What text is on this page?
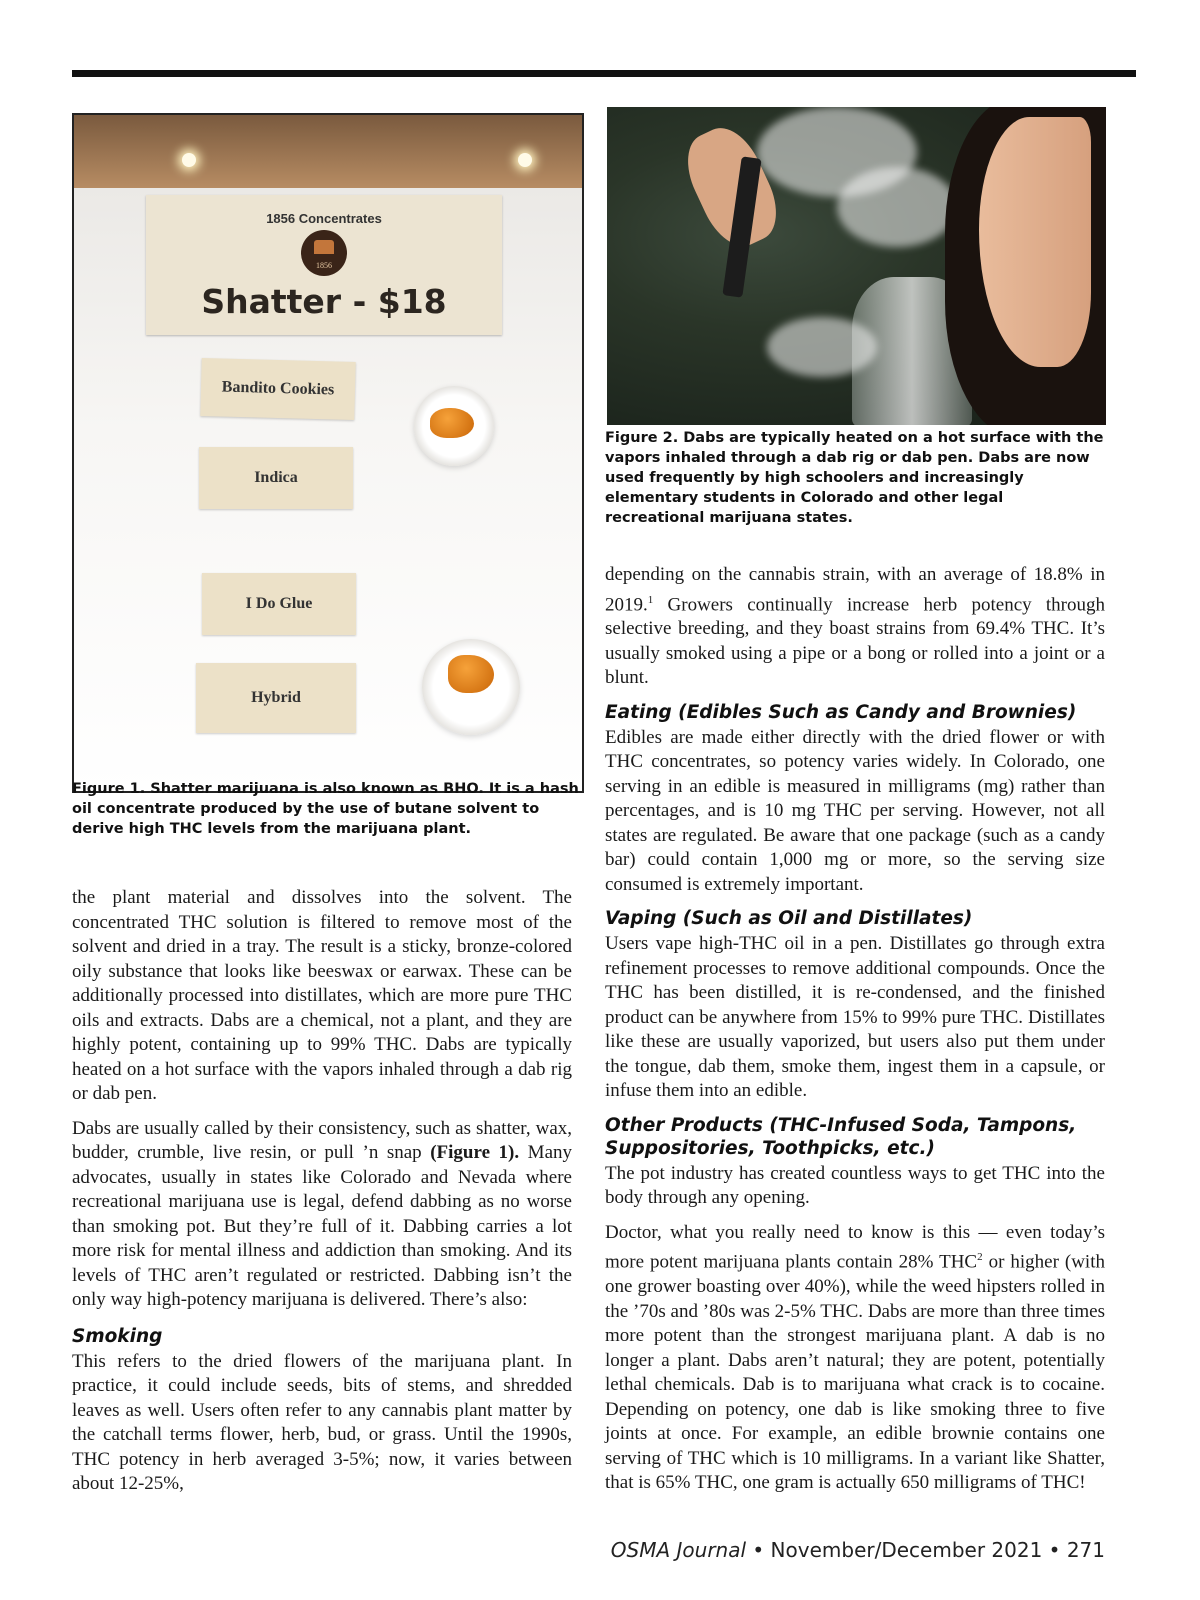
1856 Concentrates
1856
Shatter - $18
Bandito Cookies
Indica
I Do Glue
Hybrid
Figure 1. Shatter marijuana is also known as BHO. It is a hash oil concentrate produced by the use of butane solvent to derive high THC levels from the marijuana plant.
Figure 2. Dabs are typically heated on a hot surface with the vapors inhaled through a dab rig or dab pen. Dabs are now used frequently by high schoolers and increasingly elementary students in Colorado and other legal recreational marijuana states.

the plant material and dissolves into the solvent. The concentrated THC solution is filtered to remove most of the solvent and dried in a tray. The result is a sticky, bronze-colored oily substance that looks like beeswax or earwax. These can be additionally processed into distillates, which are more pure THC oils and extracts. Dabs are a chemical, not a plant, and they are highly potent, containing up to 99% THC. Dabs are typically heated on a hot surface with the vapors inhaled through a dab rig or dab pen.

Dabs are usually called by their consistency, such as shatter, wax, budder, crumble, live resin, or pull ’n snap (Figure 1). Many advocates, usually in states like Colorado and Nevada where recreational marijuana use is legal, defend dabbing as no worse than smoking pot. But they’re full of it. Dabbing carries a lot more risk for mental illness and addiction than smoking. And its levels of THC aren’t regulated or restricted. Dabbing isn’t the only way high-potency marijuana is delivered. There’s also:

Smoking

This refers to the dried flowers of the marijuana plant. In practice, it could include seeds, bits of stems, and shredded leaves as well. Users often refer to any cannabis plant matter by the catchall terms flower, herb, bud, or grass. Until the 1990s, THC potency in herb averaged 3-5%; now, it varies between about 12-25%,

depending on the cannabis strain, with an average of 18.8% in 2019.$^1$ Growers continually increase herb potency through selective breeding, and they boast strains from 69.4% THC. It’s usually smoked using a pipe or a bong or rolled into a joint or a blunt.

Eating (Edibles Such as Candy and Brownies)

Edibles are made either directly with the dried flower or with THC concentrates, so potency varies widely. In Colorado, one serving in an edible is measured in milligrams (mg) rather than percentages, and is 10 mg THC per serving. However, not all states are regulated. Be aware that one package (such as a candy bar) could contain 1,000 mg or more, so the serving size consumed is extremely important.

Vaping (Such as Oil and Distillates)

Users vape high-THC oil in a pen. Distillates go through extra refinement processes to remove additional compounds. Once the THC has been distilled, it is re-condensed, and the finished product can be anywhere from 15% to 99% pure THC. Distillates like these are usually vaporized, but users also put them under the tongue, dab them, smoke them, ingest them in a capsule, or infuse them into an edible.

Other Products (THC-Infused Soda, Tampons, Suppositories, Toothpicks, etc.)

The pot industry has created countless ways to get THC into the body through any opening.

Doctor, what you really need to know is this — even today’s more potent marijuana plants contain 28% THC$^2$ or higher (with one grower boasting over 40%), while the weed hipsters rolled in the ’70s and ’80s was 2-5% THC. Dabs are more than three times more potent than the strongest marijuana plant. A dab is no longer a plant. Dabs aren’t natural; they are potent, potentially lethal chemicals. Dab is to marijuana what crack is to cocaine. Depending on potency, one dab is like smoking three to five joints at once. For example, an edible brownie contains one serving of THC which is 10 milligrams. In a variant like Shatter, that is 65% THC, one gram is actually 650 milligrams of THC!

OSMA Journal • November/December 2021 • 271
